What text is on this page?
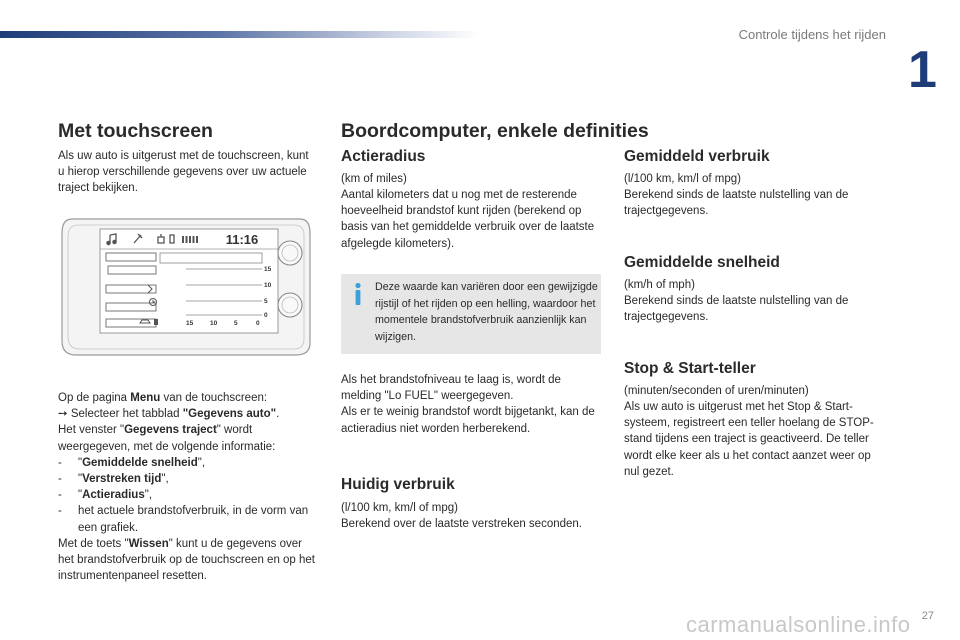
Controle tijdens het rijden
1
Met touchscreen
Als uw auto is uitgerust met de touchscreen, kunt u hierop verschillende gegevens over uw actuele traject bekijken.
11:16
15
10
5
0
15	10	5	0
Op de pagina Menu van de touchscreen:
➙ Selecteer het tabblad "Gegevens auto".
Het venster "Gegevens traject" wordt weergegeven, met de volgende informatie:
- "Gemiddelde snelheid",
- "Verstreken tijd",
- "Actieradius",
- het actuele brandstofverbruik, in de vorm van een grafiek.
Met de toets "Wissen" kunt u de gegevens over het brandstofverbruik op de touchscreen en op het instrumentenpaneel resetten.
Boordcomputer, enkele definities
Actieradius
(km of miles)
Aantal kilometers dat u nog met de resterende hoeveelheid brandstof kunt rijden (berekend op basis van het gemiddelde verbruik over de laatste afgelegde kilometers).
Deze waarde kan variëren door een gewijzigde rijstijl of het rijden op een helling, waardoor het momentele brandstofverbruik aanzienlijk kan wijzigen.
Als het brandstofniveau te laag is, wordt de melding "Lo FUEL" weergegeven.
Als er te weinig brandstof wordt bijgetankt, kan de actieradius niet worden herberekend.
Huidig verbruik
(l/100 km, km/l of mpg)
Berekend over de laatste verstreken seconden.
Gemiddeld verbruik
(l/100 km, km/l of mpg)
Berekend sinds de laatste nulstelling van de trajectgegevens.
Gemiddelde snelheid
(km/h of mph)
Berekend sinds de laatste nulstelling van de trajectgegevens.
Stop & Start-teller
(minuten/seconden of uren/minuten)
Als uw auto is uitgerust met het Stop & Start-systeem, registreert een teller hoelang de STOP-stand tijdens een traject is geactiveerd. De teller wordt elke keer als u het contact aanzet weer op nul gezet.
carmanualsonline.info 27
